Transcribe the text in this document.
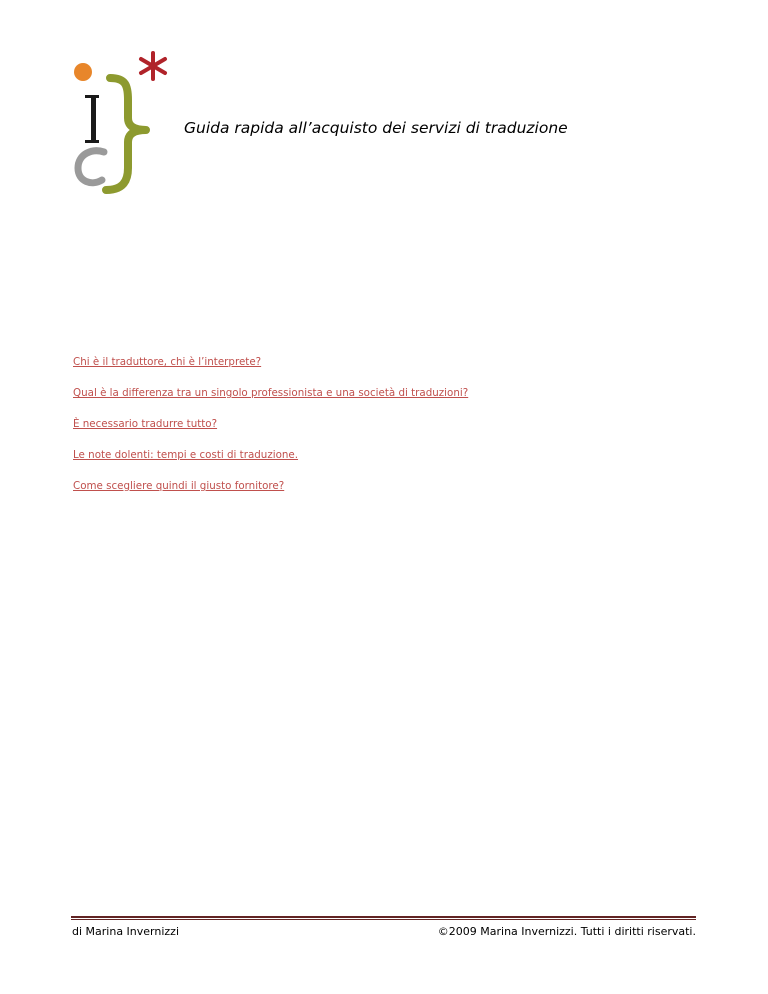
Guida rapida all’acquisto dei servizi di traduzione
Chi è il traduttore, chi è l’interprete?
Qual è la differenza tra un singolo professionista e una società di traduzioni?
È necessario tradurre tutto?
Le note dolenti: tempi e costi di traduzione.
Come scegliere quindi il giusto fornitore?
di Marina Invernizzi	©2009 Marina Invernizzi. Tutti i diritti riservati.
